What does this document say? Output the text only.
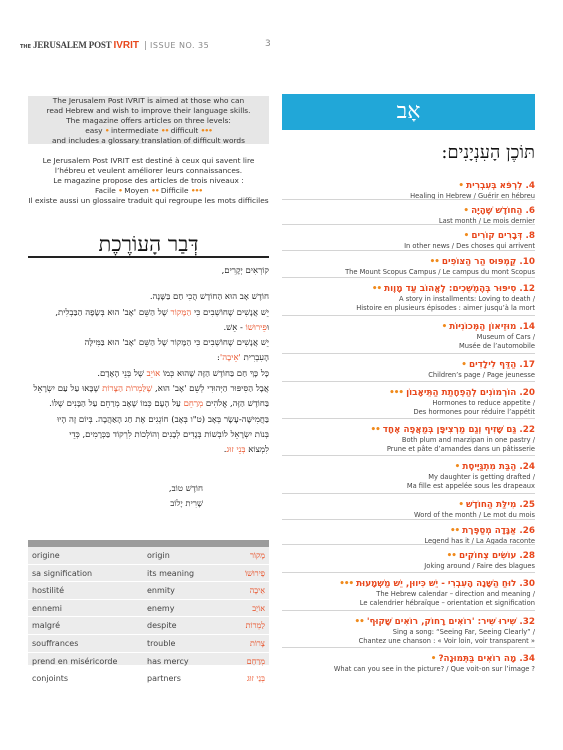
THE JERUSALEM POST IVRIT	ISSUE NO. 35	3
The Jerusalem Post IVRIT is aimed at those who can
read Hebrew and wish to improve their language skills.
The magazine offers articles on three levels:
easy • intermediate •• difficult •••
and includes a glossary translation of difficult words
Le Jerusalem Post IVRIT est destiné à ceux qui savent lire
l’hébreu et veulent améliorer leurs connaissances.
Le magazine propose des articles de trois niveaux :
Facile • Moyen •• Difficile •••
Il existe aussi un glossaire traduit qui regroupe les mots difficiles
דְּבַר הָעוֹרֶכֶת

קוֹרְאִים יְקָרִים,

חוֹדֶשׁ אָב הוּא הַחוֹדֶשׁ הֲכִי חַם בַּשָּׁנָה.

יֵשׁ אֲנָשִׁים שֶׁחוֹשְׁבִים כִּי הַמָּקוֹר שֶׁל הַשֵּׁם 'אָב' הוּא בְּשָׂפָה הַבַּבְלִית,

וּפֵירוּשׁוֹ - אֵשׁ.

יֵשׁ אֲנָשִׁים שֶׁחוֹשְׁבִים כִּי הַמָּקוֹר שֶׁל הַשֵּׁם 'אָב' הוּא בַּמִּילָּה

הָעִבְרִית 'אֵיבָה':

כָּל כָּךְ חַם בַּחוֹדֶשׁ הַזֶּה שֶׁהוּא כְּמוֹ אוֹיֵב שֶׁל בְּנֵי הָאָדָם.

אֲבָל הַסִּיפּוּר הַיְּהוּדִי לְשֵׁם 'אָב' הוּא, שֶׁלַּמְרוֹת הַצָּרוֹת שֶׁבָּאוּ עַל עַם יִשְׂרָאֵל

בַּחוֹדֶשׁ הַזֶּה, אֱלֹהִים מְרַחֵם עַל הָעָם כְּמוֹ שֶׁאָב מְרַחֵם עַל הַבָּנִים שֶׁלּוֹ.

בַּחֲמִישָּׁה-עָשָׂר בְּאָב (ט"ו בְּאָב) חוֹגְגִים אֶת חַג הָאַהֲבָה. בְּיוֹם זֶה הָיוּ

בְּנוֹת יִשְׂרָאֵל לוֹבְשׁוֹת בְּגָדִים לְבָנִים וְהוֹלְכוֹת לִרְקוֹד בַּכְּרָמִים, כְּדֵי

לִמְצוֹא בְּנֵי זוּג.

חוֹדֶשׁ טוֹב,
שָׁרִית יָלוֹב
origine	origin	מָקוֹר
sa signification	its meaning	פֵירוּשׁוֹ
hostilité	enmity	אֵיבָה
ennemi	enemy	אוֹיֵב
malgré	despite	לַמְרוֹת
souffrances	trouble	צָרוֹת
prend en miséricorde	has mercy	מְרַחֵם
conjoints	partners	בְּנֵי זוּג
אָב
תּוֹכֶן הָעִנְיָנִים:
4. לִרְפֹּא בְּעִבְרִית •
Healing in Hebrew / Guérir en hébreu
6. הַחוֹדֶשׁ שֶׁהָיָה •
Last month / Le mois dernier
8. דְּבָרִים קוֹרִים •
In other news / Des choses qui arrivent
10. קַמְפּוּס הַר הַצּוֹפִים ••
The Mount Scopus Campus / Le campus du mont Scopus
12. סִיפּוּר בְּהֶמְשֵׁכִים: לֶאֱהוֹב עַד מָוֶות ••
A story in installments: Loving to death /
Histoire en plusieurs épisodes : aimer jusqu’à la mort
14. מוּזֵיאוֹן הַמְּכוֹנִיּוֹת •
Museum of Cars /
Musée de l’automobile
17. הַדַּף לִילָדִים •
Children’s page / Page jeunesse
20. הוֹרְמוֹנִים לְהַפְחָתַת הַתֵּיאָבוֹן •••
Hormones to reduce appetite /
Des hormones pour réduire l’appétit
22. גַּם שָׁזִיף וְגַם מַרְצִיפָּן בְּמַאֲפֶה אֶחָד ••
Both plum and marzipan in one pastry /
Prune et pâte d’amandes dans un pâtisserie
24. הַבַּת מִתְגַּיֶּיסֶת •
My daughter is getting drafted /
Ma fille est appelée sous les drapeaux
25. מִילַּת הַחוֹדֶשׁ •
Word of the month / Le mot du mois
26. אַגָּדָה מְסַפֶּרֶת ••
Legend has it / La Agada raconte
28. עוֹשִׂים צְחוֹקִים ••
Joking around / Faire des blagues
30. לוּחַ הַשָּׁנָה הָעִבְרִי - יֵשׁ כִּיווּן, יֵשׁ מַשְׁמָעוּת •••
The Hebrew calendar – direction and meaning /
Le calendrier hébraïque – orientation et signification
32. שִׁירוּ שִׁיר: 'רוֹאִים רָחוֹק, רוֹאִים שָׁקוּף' ••
Sing a song: “Seeing Far, Seeing Clearly” /
Chantez une chanson : « Voir loin, voir transparent »
34. מָה רוֹאִים בַּתְּמוּנָה? •
What can you see in the picture? / Que voit-on sur l’image ?
